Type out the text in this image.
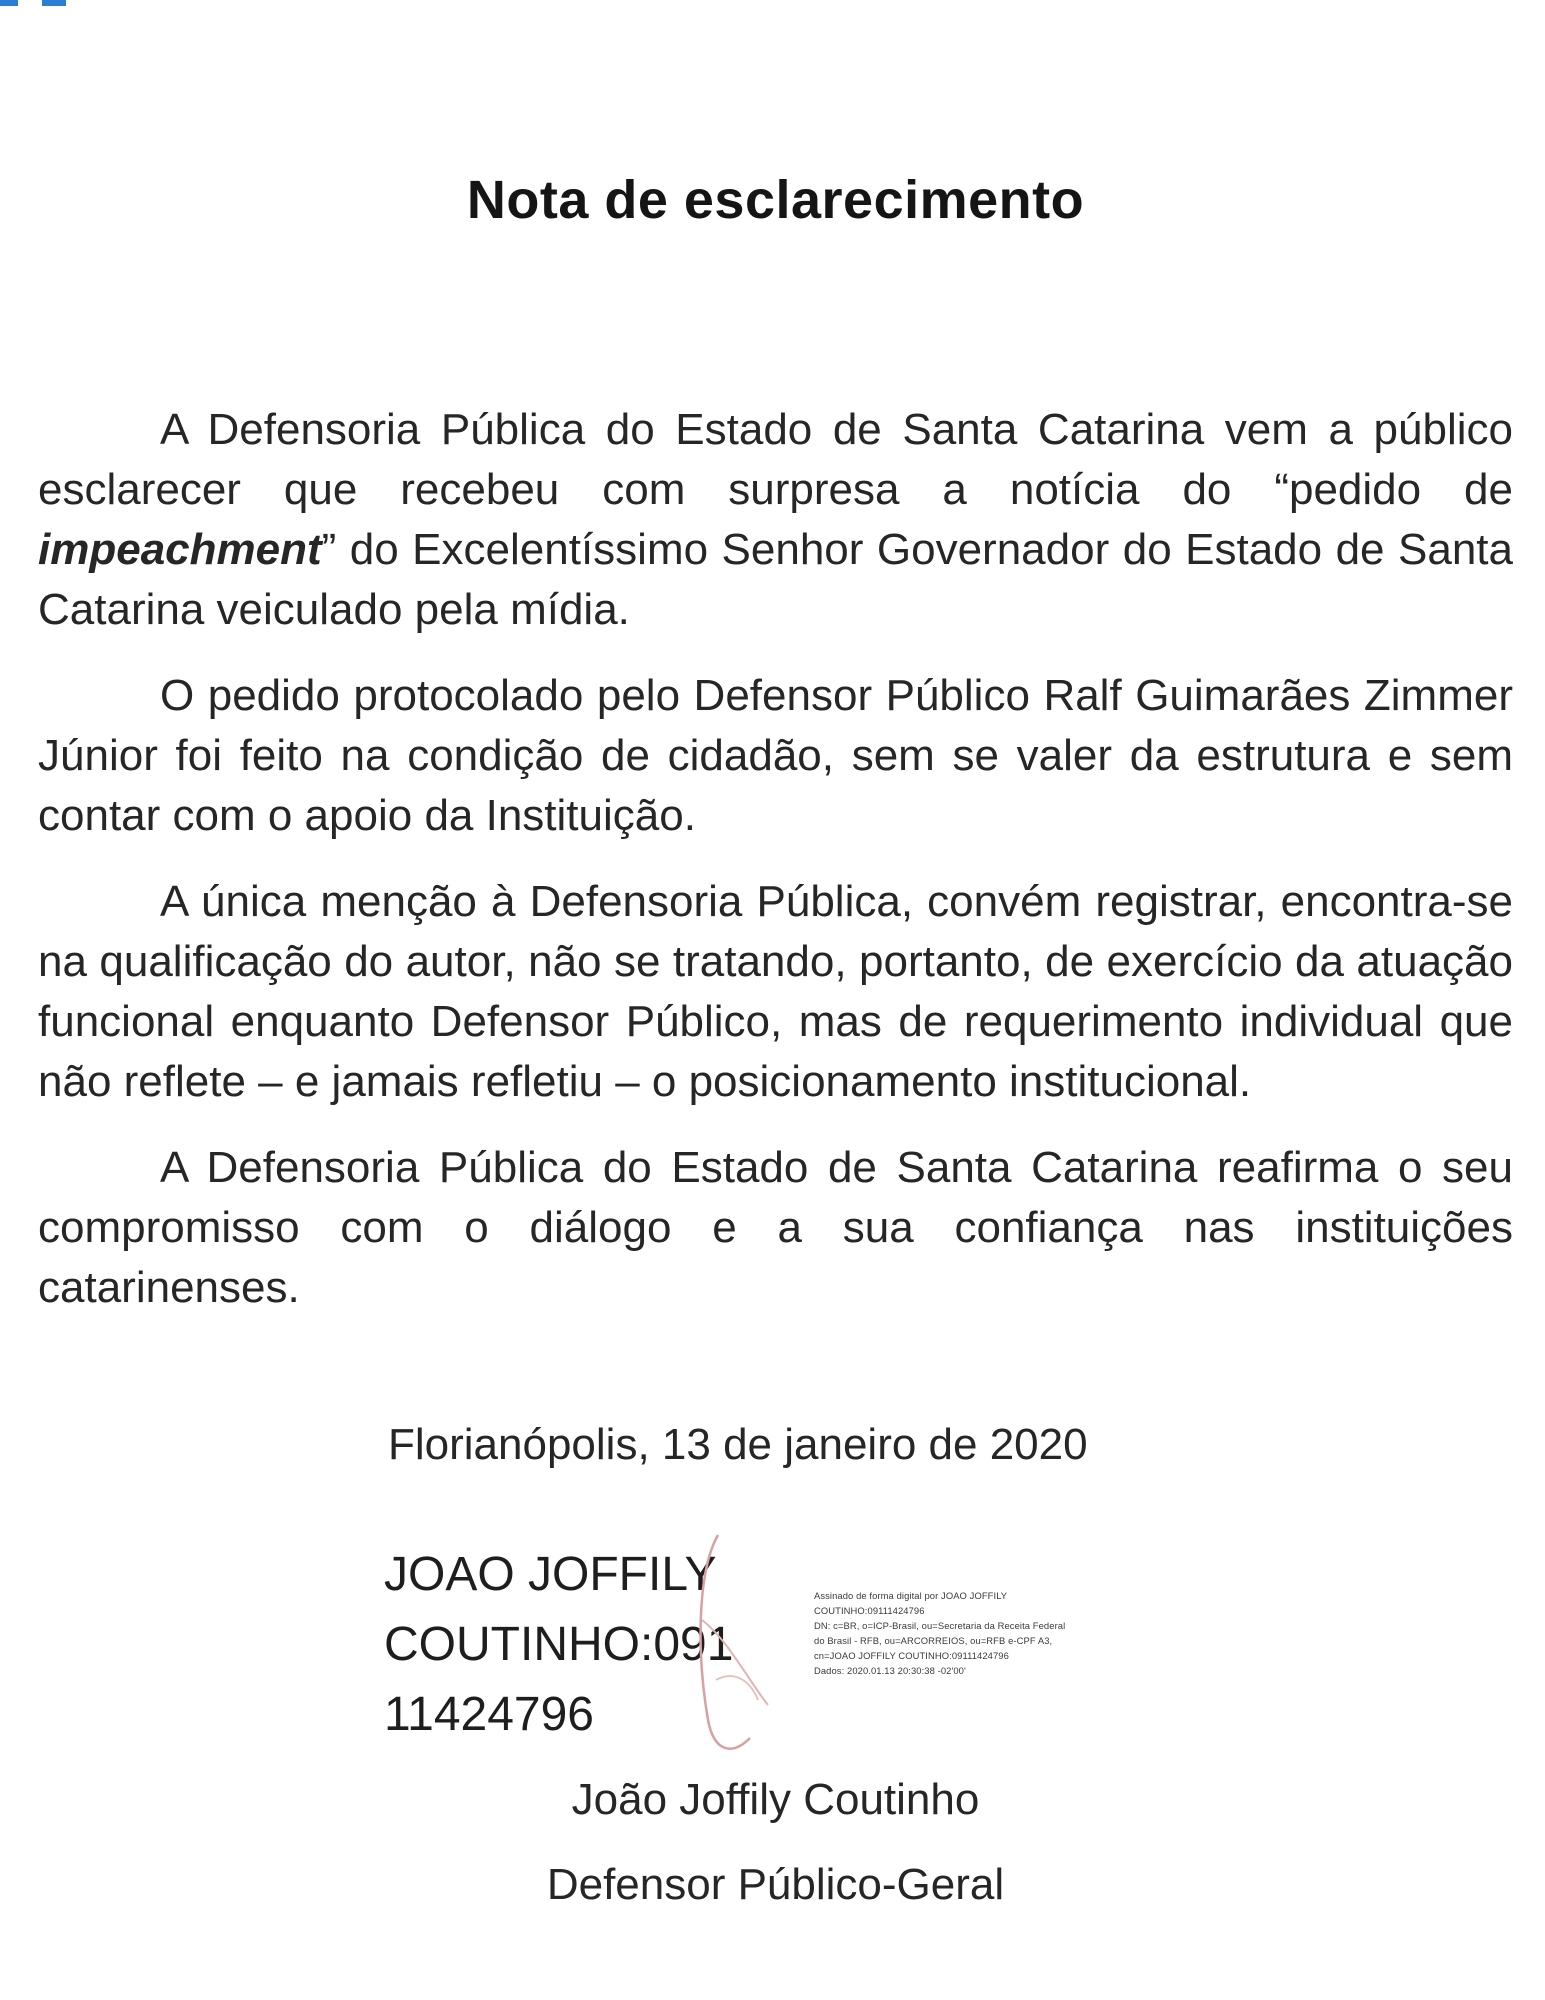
Nota de esclarecimento

A Defensoria Pública do Estado de Santa Catarina vem a público esclarecer que recebeu com surpresa a notícia do “pedido de impeachment” do Excelentíssimo Senhor Governador do Estado de Santa Catarina veiculado pela mídia.

O pedido protocolado pelo Defensor Público Ralf Guimarães Zimmer Júnior foi feito na condição de cidadão, sem se valer da estrutura e sem contar com o apoio da Instituição.

A única menção à Defensoria Pública, convém registrar, encontra-se na qualificação do autor, não se tratando, portanto, de exercício da atuação funcional enquanto Defensor Público, mas de requerimento individual que não reflete – e jamais refletiu – o posicionamento institucional.

A Defensoria Pública do Estado de Santa Catarina reafirma o seu compromisso com o diálogo e a sua confiança nas instituições catarinenses.

Florianópolis, 13 de janeiro de 2020
JOAO JOFFILY
COUTINHO:091
11424796
Assinado de forma digital por JOAO JOFFILY
COUTINHO:09111424796
DN: c=BR, o=ICP-Brasil, ou=Secretaria da Receita Federal
do Brasil - RFB, ou=ARCORREIOS, ou=RFB e-CPF A3,
cn=JOAO JOFFILY COUTINHO:09111424796
Dados: 2020.01.13 20:30:38 -02'00'
João Joffily Coutinho
Defensor Público-Geral
